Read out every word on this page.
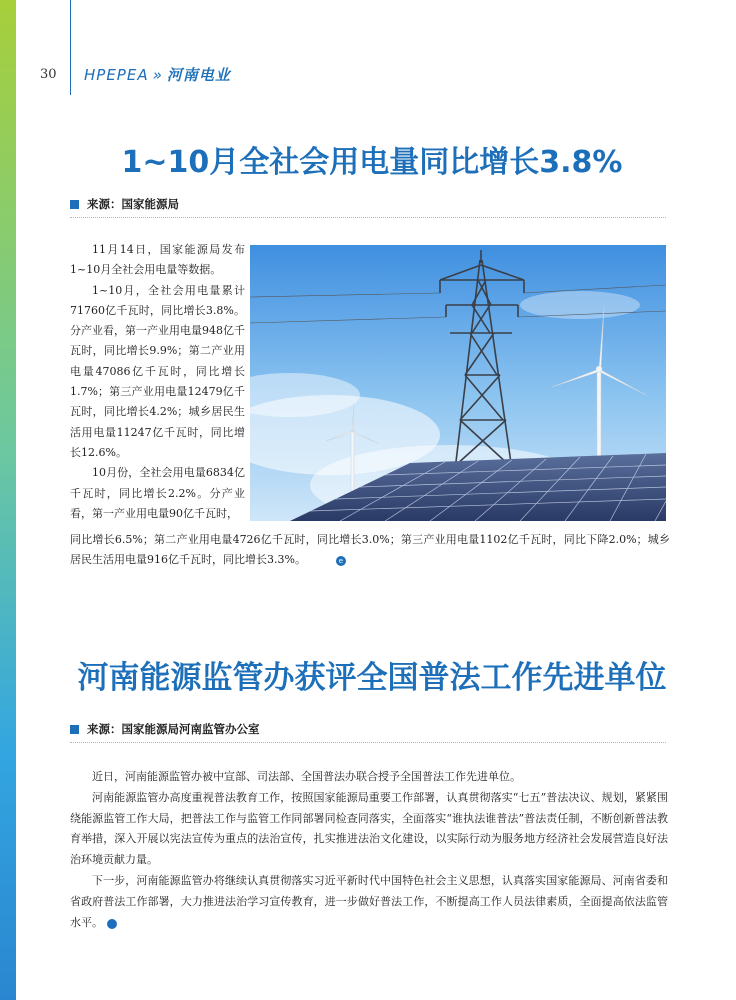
30 HPEPEA » 河南电业
1~10月全社会用电量同比增长3.8%
来源：国家能源局

11月14日，国家能源局发布1~10月全社会用电量等数据。

1~10月，全社会用电量累计71760亿千瓦时，同比增长3.8%。分产业看，第一产业用电量948亿千瓦时，同比增长9.9%；第二产业用电量47086亿千瓦时，同比增长1.7%；第三产业用电量12479亿千瓦时，同比增长4.2%；城乡居民生活用电量11247亿千瓦时，同比增长12.6%。

10月份，全社会用电量6834亿千瓦时，同比增长2.2%。分产业看，第一产业用电量90亿千瓦时，

同比增长6.5%；第二产业用电量4726亿千瓦时，同比增长3.0%；第三产业用电量1102亿千瓦时，同比下降2.0%；城乡居民生活用电量916亿千瓦时，同比增长3.3%。	e
河南能源监管办获评全国普法工作先进单位
来源：国家能源局河南监管办公室

近日，河南能源监管办被中宣部、司法部、全国普法办联合授予全国普法工作先进单位。

河南能源监管办高度重视普法教育工作，按照国家能源局重要工作部署，认真贯彻落实“七五”普法决议、规划，紧紧围绕能源监管工作大局，把普法工作与监管工作同部署同检查同落实，全面落实“谁执法谁普法”普法责任制，不断创新普法教育举措，深入开展以宪法宣传为重点的法治宣传，扎实推进法治文化建设，以实际行动为服务地方经济社会发展营造良好法治环境贡献力量。

下一步，河南能源监管办将继续认真贯彻落实习近平新时代中国特色社会主义思想，认真落实国家能源局、河南省委和省政府普法工作部署，大力推进法治学习宣传教育，进一步做好普法工作，不断提高工作人员法律素质，全面提高依法监管水平。	e
